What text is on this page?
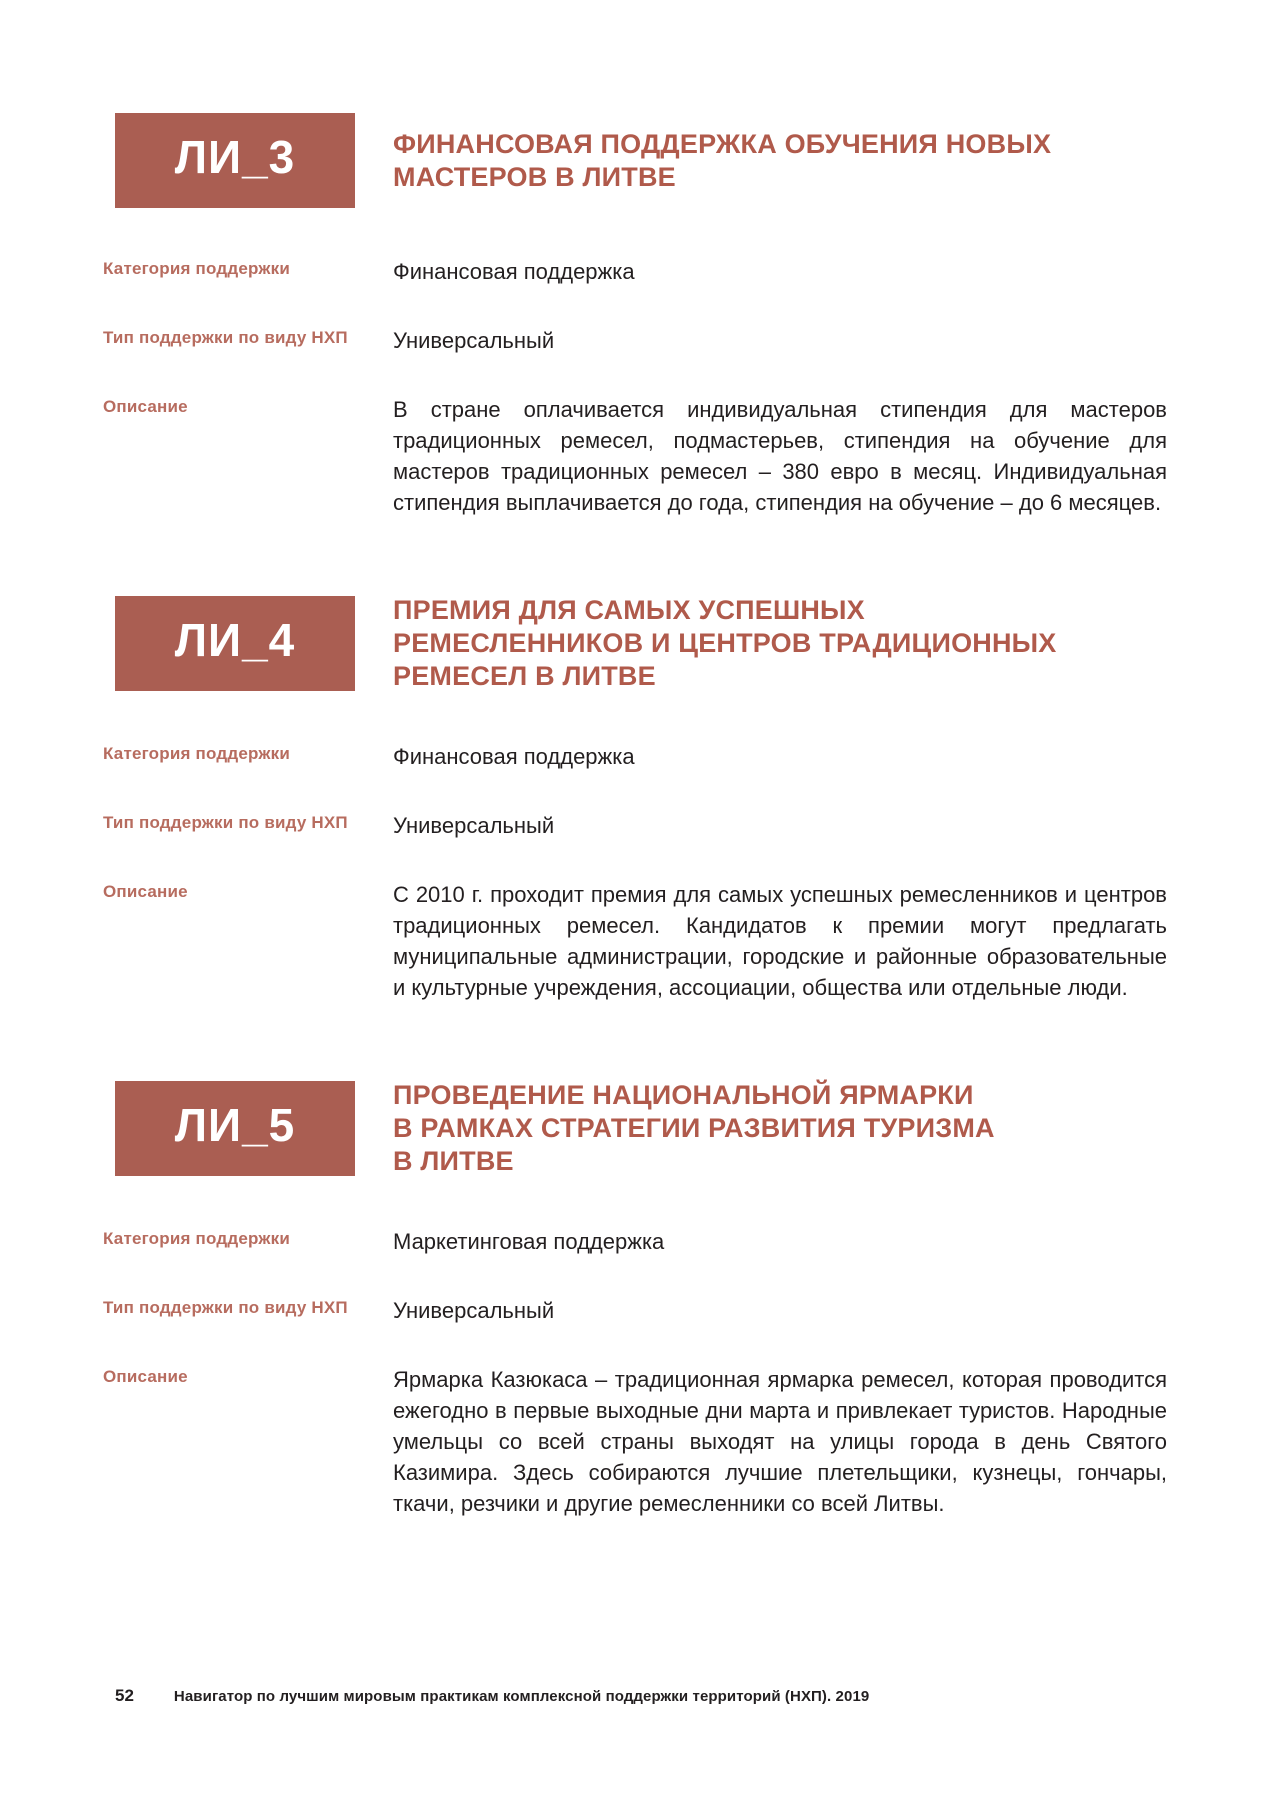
ЛИ_3	ФИНАНСОВАЯ ПОДДЕРЖКА ОБУЧЕНИЯ НОВЫХ
МАСТЕРОВ В ЛИТВЕ
Категория поддержки	Финансовая поддержка
Тип поддержки по виду НХП	Универсальный
Описание	В стране оплачивается индивидуальная стипендия для мастеров традиционных ремесел, подмастерьев, стипендия на обучение для мастеров традиционных ремесел – 380 евро в месяц. Индивидуальная стипендия выплачивается до года, стипендия на обучение – до 6 месяцев.
ЛИ_4
ПРЕМИЯ ДЛЯ САМЫХ УСПЕШНЫХ
РЕМЕСЛЕННИКОВ И ЦЕНТРОВ ТРАДИЦИОННЫХ
РЕМЕСЕЛ В ЛИТВЕ
Категория поддержки	Финансовая поддержка
Тип поддержки по виду НХП	Универсальный
Описание	С 2010 г. проходит премия для самых успешных ремесленников и центров традиционных ремесел. Кандидатов к премии могут предлагать муниципальные администрации, городские и районные образовательные и культурные учреждения, ассоциации, общества или отдельные люди.
ЛИ_5
ПРОВЕДЕНИЕ НАЦИОНАЛЬНОЙ ЯРМАРКИ
В РАМКАХ СТРАТЕГИИ РАЗВИТИЯ ТУРИЗМА
В ЛИТВЕ
Категория поддержки	Маркетинговая поддержка
Тип поддержки по виду НХП	Универсальный
Описание	Ярмарка Казюкаса – традиционная ярмарка ремесел, которая проводится ежегодно в первые выходные дни марта и привлекает туристов. Народные умельцы со всей страны выходят на улицы города в день Святого Казимира. Здесь собираются лучшие плетельщики, кузнецы, гончары, ткачи, резчики и другие ремесленники со всей Литвы.
52	Навигатор по лучшим мировым практикам комплексной поддержки территорий (НХП). 2019
